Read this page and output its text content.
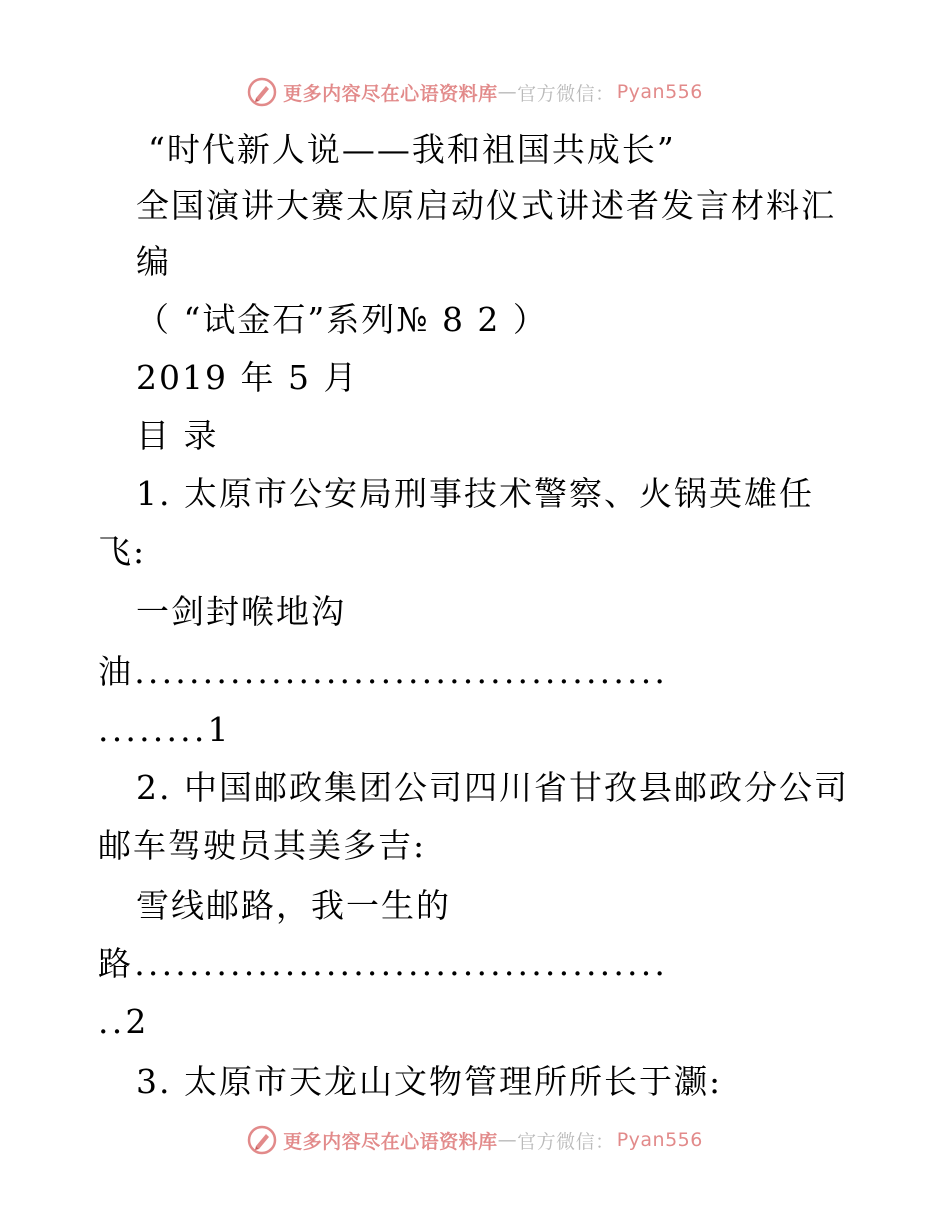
更多内容尽在心语资料库 — 官方微信： Pyan556
“时代新人说——我和祖国共成长”
全国演讲大赛太原启动仪式讲述者发言材料汇
编
（ “试金石”系列№ 8 2 ）
2019 年 5 月
目 录
1. 太原市公安局刑事技术警察、火锅英雄任
飞:
一剑封喉地沟
油.......................................
........1
2. 中国邮政集团公司四川省甘孜县邮政分公司
邮车驾驶员其美多吉:
雪线邮路，我一生的
路.......................................
..2
3. 太原市天龙山文物管理所所长于灏:
更多内容尽在心语资料库 — 官方微信： Pyan556
